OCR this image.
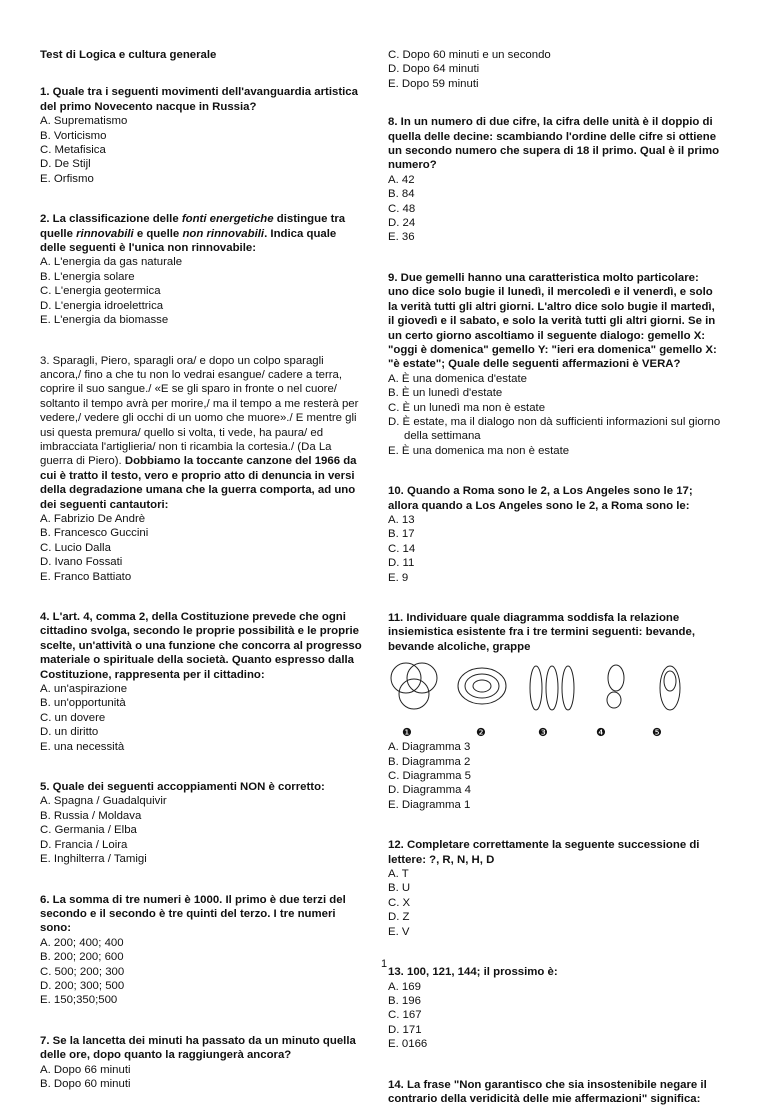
Test di Logica e cultura generale

1. Quale tra i seguenti movimenti dell'avanguardia artistica del primo Novecento nacque in Russia?

A. Suprematismo

B. Vorticismo

C. Metafisica

D. De Stijl

E. Orfismo

2. La classificazione delle fonti energetiche distingue tra quelle rinnovabili e quelle non rinnovabili. Indica quale delle seguenti è l'unica non rinnovabile:

A. L'energia da gas naturale

B. L'energia solare

C. L'energia geotermica

D. L'energia idroelettrica

E. L'energia da biomasse

3. Sparagli, Piero, sparagli ora/ e dopo un colpo sparagli ancora,/ fino a che tu non lo vedrai esangue/ cadere a terra, coprire il suo sangue./ «E se gli sparo in fronte o nel cuore/ soltanto il tempo avrà per morire,/ ma il tempo a me resterà per vedere,/ vedere gli occhi di un uomo che muore»./ E mentre gli usi questa premura/ quello si volta, ti vede, ha paura/ ed imbracciata l'artiglieria/ non ti ricambia la cortesia./ (Da La guerra di Piero). Dobbiamo la toccante canzone del 1966 da cui è tratto il testo, vero e proprio atto di denuncia in versi della degradazione umana che la guerra comporta, ad uno dei seguenti cantautori:

A. Fabrizio De Andrè

B. Francesco Guccini

C. Lucio Dalla

D. Ivano Fossati

E. Franco Battiato

4. L'art. 4, comma 2, della Costituzione prevede che ogni cittadino svolga, secondo le proprie possibilità e le proprie scelte, un'attività o una funzione che concorra al progresso materiale o spirituale della società. Quanto espresso dalla Costituzione, rappresenta per il cittadino:

A. un'aspirazione

B. un'opportunità

C. un dovere

D. un diritto

E. una necessità

5. Quale dei seguenti accoppiamenti NON è corretto:

A. Spagna / Guadalquivir

B. Russia / Moldava

C. Germania / Elba

D. Francia / Loira

E. Inghilterra / Tamigi

6. La somma di tre numeri è 1000. Il primo è due terzi del secondo e il secondo è tre quinti del terzo. I tre numeri sono:

A. 200; 400; 400

B. 200; 200; 600

C. 500; 200; 300

D. 200; 300; 500

E. 150;350;500

7. Se la lancetta dei minuti ha passato da un minuto quella delle ore, dopo quanto la raggiungerà ancora?

A. Dopo 66 minuti

B. Dopo 60 minuti

C. Dopo 60 minuti e un secondo

D. Dopo 64 minuti

E. Dopo 59 minuti

8. In un numero di due cifre, la cifra delle unità è il doppio di quella delle decine: scambiando l'ordine delle cifre si ottiene un secondo numero che supera di 18 il primo. Qual è il primo numero?

A. 42

B. 84

C. 48

D. 24

E. 36

9. Due gemelli hanno una caratteristica molto particolare: uno dice solo bugie il lunedì, il mercoledì e il venerdì, e solo la verità tutti gli altri giorni. L'altro dice solo bugie il martedì, il giovedì e il sabato, e solo la verità tutti gli altri giorni. Se in un certo giorno ascoltiamo il seguente dialogo: gemello X: "oggi è domenica" gemello Y: "ieri era domenica" gemello X: "è estate"; Quale delle seguenti affermazioni è VERA?

A. È una domenica d'estate

B. È un lunedì d'estate

C. È un lunedì ma non è estate

D. È estate, ma il dialogo non dà sufficienti informazioni sul giorno della settimana

E. È una domenica ma non è estate

10. Quando a Roma sono le 2, a Los Angeles sono le 17; allora quando a Los Angeles sono le 2, a Roma sono le:

A. 13

B. 17

C. 14

D. 11

E. 9

11. Individuare quale diagramma soddisfa la relazione insiemistica esistente fra i tre termini seguenti: bevande, bevande alcoliche, grappe

❶	❷	❸	❹	❺

A. Diagramma 3

B. Diagramma 2

C. Diagramma 5

D. Diagramma 4

E. Diagramma 1

12. Completare correttamente la seguente successione di lettere: ?, R, N, H, D

A. T

B. U

C. X

D. Z

E. V

13. 100, 121, 144; il prossimo è:

A. 169

B. 196

C. 167

D. 171

E. 0166

14. La frase "Non garantisco che sia insostenibile negare il contrario della veridicità delle mie affermazioni" significa:

1
